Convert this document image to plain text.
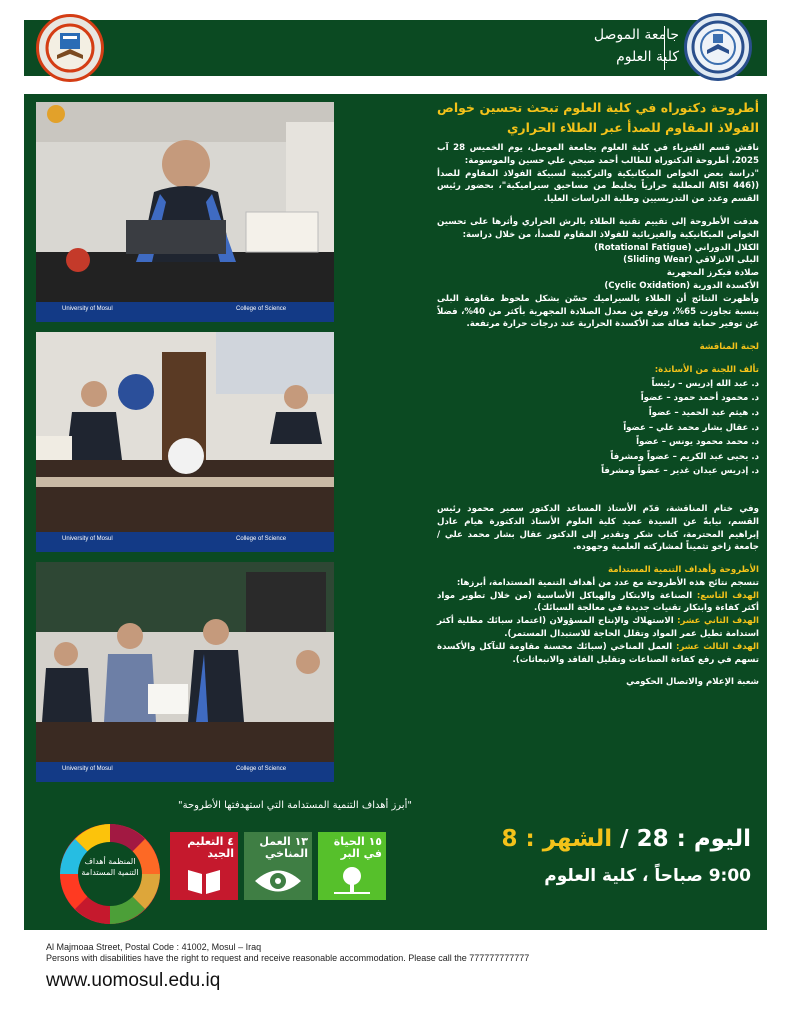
جامعة الموصل
كلية العلوم
University of Mosul	College of Science
University of Mosul	College of Science
University of Mosul	College of Science
أطروحة دكتوراه في كلية العلوم تبحث تحسين خواص الفولاذ المقاوم للصدأ عبر الطلاء الحراري

ناقش قسم الفيزياء في كلية العلوم بجامعة الموصل، يوم الخميس 28 آب 2025، أطروحة الدكتوراه للطالب أحمد صبحي علي حسين والموسومة:

"دراسة بعض الخواص الميكانيكية والتركيبية لسبيكة الفولاذ المقاوم للصدأ ((AISI 446 المطلية حرارياً بخليط من مساحيق سيراميكية"، بحضور رئيس القسم وعدد من التدريسيين وطلبة الدراسات العليا.

هدفت الأطروحة إلى تقييم تقنية الطلاء بالرش الحراري وأثرها على تحسين الخواص الميكانيكية والفيزيائية للفولاذ المقاوم للصدأ، من خلال دراسة:

الكلال الدوراني (Rotational Fatigue)

البلى الانزلاقي (Sliding Wear)

صلادة فيكرز المجهرية

الأكسدة الدورية (Cyclic Oxidation)

وأظهرت النتائج أن الطلاء بالسيراميك حسّن بشكل ملحوظ مقاومة البلى بنسبة تجاوزت 65%، ورفع من معدل الصلادة المجهرية بأكثر من 40%، فضلاً عن توفير حماية فعالة ضد الأكسدة الحرارية عند درجات حرارة مرتفعة.

لجنة المناقشة

تألف اللجنة من الأساتذة:

د. عبد الله إدريس – رئيساً

د. محمود أحمد حمود – عضواً

د. هيثم عبد الحميد – عضواً

د. عقال بشار محمد علي – عضواً

د. محمد محمود يونس – عضواً

د. يحيى عبد الكريم – عضواً ومشرفاً

د. إدريس عيدان غدير – عضواً ومشرفاً

وفي ختام المناقشة، قدّم الأستاذ المساعد الدكتور سمير محمود رئيس القسم، نيابةً عن السيدة عميد كلية العلوم الأستاذ الدكتورة هيام عادل إبراهيم المحترمة، كتاب شكر وتقدير إلى الدكتور عقال بشار محمد علي / جامعة زاخو تثميناً لمشاركته العلمية وجهوده.

الأطروحة وأهداف التنمية المستدامة

تنسجم نتائج هذه الأطروحة مع عدد من أهداف التنمية المستدامة، أبرزها:

الهدف التاسع: الصناعة والابتكار والهياكل الأساسية (من خلال تطوير مواد أكثر كفاءة وابتكار تقنيات جديدة في معالجة السبائك).

الهدف الثاني عشر: الاستهلاك والإنتاج المسؤولان (اعتماد سبائك مطلية أكثر استدامة تطيل عمر المواد وتقلل الحاجة للاستبدال المستمر).

الهدف الثالث عشر: العمل المناخي (سبائك محسنة مقاومة للتآكل والأكسدة تسهم في رفع كفاءة الصناعات وتقليل الفاقد والانبعاثات).

شعبة الإعلام والاتصال الحكومي

"أبرز أهداف التنمية المستدامة التي استهدفتها الأطروحة"
المنظمة أهداف التنمية المستدامة
٤ التعليم الجيد
١٣ العمل المناخي
١٥ الحياة في البر
اليوم : 28 / الشهر : 8
9:00 صباحاً ، كلية العلوم
Al Majmoaa Street, Postal Code : 41002, Mosul – Iraq
Persons with disabilities have the right to request and receive reasonable accommodation. Please call the 777777777777
www.uomosul.edu.iq
